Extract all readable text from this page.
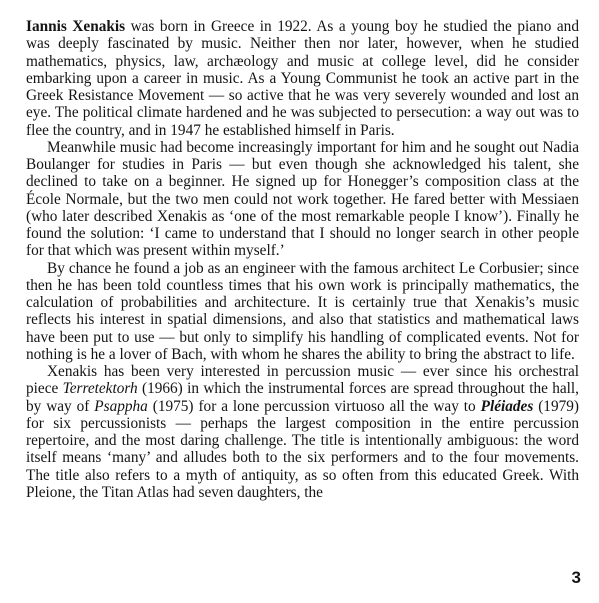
Iannis Xenakis was born in Greece in 1922. As a young boy he studied the piano and was deeply fascinated by music. Neither then nor later, however, when he studied mathematics, physics, law, archæology and music at college level, did he consider embarking upon a career in music. As a Young Communist he took an active part in the Greek Resistance Movement — so active that he was very severely wounded and lost an eye. The political climate hardened and he was subjected to persecution: a way out was to flee the country, and in 1947 he established himself in Paris.

Meanwhile music had become increasingly important for him and he sought out Nadia Boulanger for studies in Paris — but even though she acknowledged his talent, she declined to take on a beginner. He signed up for Honegger’s composition class at the École Normale, but the two men could not work together. He fared better with Messiaen (who later described Xenakis as ‘one of the most remarkable people I know’). Finally he found the solution: ‘I came to understand that I should no longer search in other people for that which was present within myself.’

By chance he found a job as an engineer with the famous architect Le Corbusier; since then he has been told countless times that his own work is principally mathematics, the calculation of probabilities and architecture. It is certainly true that Xenakis’s music reflects his interest in spatial dimensions, and also that statistics and mathematical laws have been put to use — but only to simplify his handling of complicated events. Not for nothing is he a lover of Bach, with whom he shares the ability to bring the abstract to life.

Xenakis has been very interested in percussion music — ever since his orchestral piece Terretektorh (1966) in which the instrumental forces are spread throughout the hall, by way of Psappha (1975) for a lone percussion virtuoso all the way to Pléiades (1979) for six percussionists — perhaps the largest composition in the entire percussion repertoire, and the most daring challenge. The title is intentionally ambiguous: the word itself means ‘many’ and alludes both to the six performers and to the four movements. The title also refers to a myth of antiquity, as so often from this educated Greek. With Pleione, the Titan Atlas had seven daughters, the

3
